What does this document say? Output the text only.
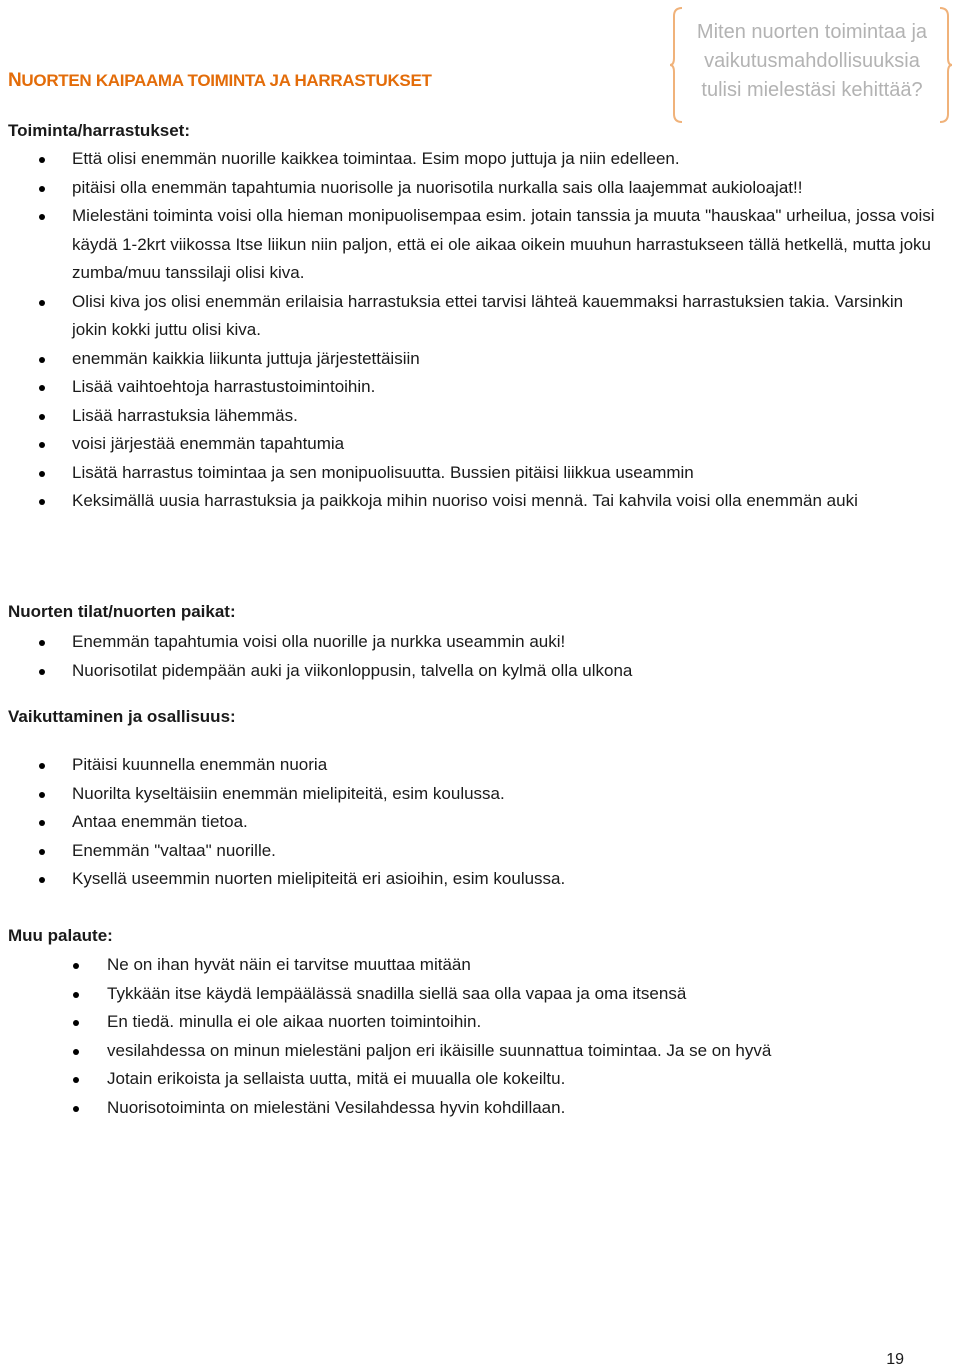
NUORTEN KAIPAAMA TOIMINTA JA HARRASTUKSET
Miten nuorten toimintaa ja
vaikutusmahdollisuuksia
tulisi mielestäsi kehittää?
Toiminta/harrastukset:
Että olisi enemmän nuorille kaikkea toimintaa. Esim mopo juttuja ja niin edelleen.
pitäisi olla enemmän tapahtumia nuorisolle ja nuorisotila nurkalla sais olla laajemmat aukioloajat!!
Mielestäni toiminta voisi olla hieman monipuolisempaa esim. jotain tanssia ja muuta "hauskaa" urheilua, jossa voisi käydä 1-2krt viikossa Itse liikun niin paljon, että ei ole aikaa oikein muuhun harrastukseen tällä hetkellä, mutta joku zumba/muu tanssilaji olisi kiva.
Olisi kiva jos olisi enemmän erilaisia harrastuksia ettei tarvisi lähteä kauemmaksi harrastuksien takia. Varsinkin jokin kokki juttu olisi kiva.
enemmän kaikkia liikunta juttuja järjestettäisiin
Lisää vaihtoehtoja harrastustoimintoihin.
Lisää harrastuksia lähemmäs.
voisi järjestää enemmän tapahtumia
Lisätä harrastus toimintaa ja sen monipuolisuutta. Bussien pitäisi liikkua useammin
Keksimällä uusia harrastuksia ja paikkoja mihin nuoriso voisi mennä. Tai kahvila voisi olla enemmän auki
Nuorten tilat/nuorten paikat:
Enemmän tapahtumia voisi olla nuorille ja nurkka useammin auki!
Nuorisotilat pidempään auki ja viikonloppusin, talvella on kylmä olla ulkona
Vaikuttaminen ja osallisuus:
Pitäisi kuunnella enemmän nuoria
Nuorilta kyseltäisiin enemmän mielipiteitä, esim koulussa.
Antaa enemmän tietoa.
Enemmän "valtaa" nuorille.
Kysellä useemmin nuorten mielipiteitä eri asioihin, esim koulussa.
Muu palaute:
Ne on ihan hyvät näin ei tarvitse muuttaa mitään
Tykkään itse käydä lempäälässä snadilla siellä saa olla vapaa ja oma itsensä
En tiedä. minulla ei ole aikaa nuorten toimintoihin.
vesilahdessa on minun mielestäni paljon eri ikäisille suunnattua toimintaa. Ja se on hyvä
Jotain erikoista ja sellaista uutta, mitä ei muualla ole kokeiltu.
Nuorisotoiminta on mielestäni Vesilahdessa hyvin kohdillaan.
19
